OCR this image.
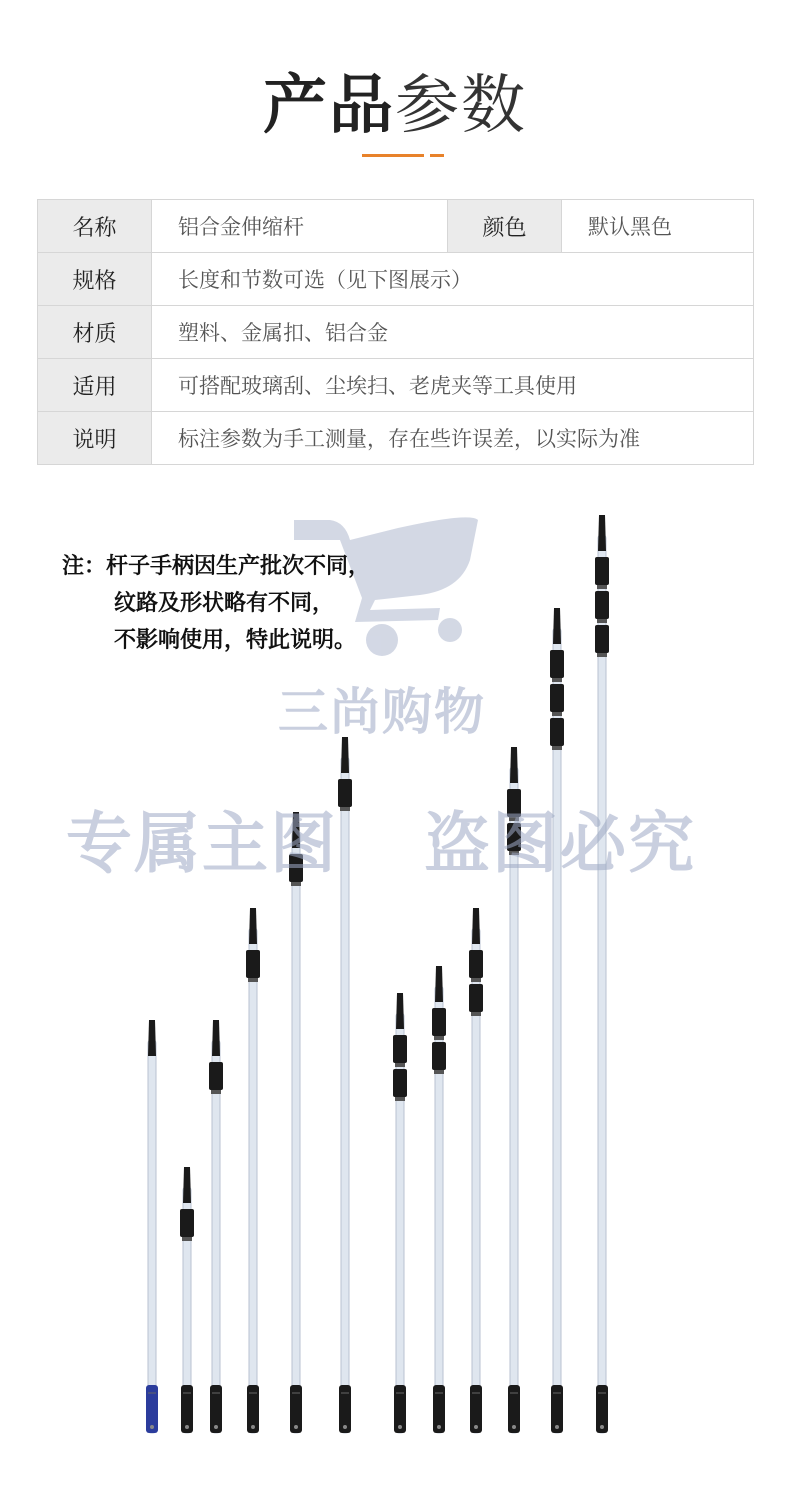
产品参数
名称	铝合金伸缩杆	颜色	默认黑色
规格	长度和节数可选（见下图展示）		
材质	塑料、金属扣、铝合金		
适用	可搭配玻璃刮、尘埃扫、老虎夹等工具使用		
说明	标注参数为手工测量，存在些许误差，以实际为准		
三尚购物
专属主图 盗图必究
注：杆子手柄因生产批次不同，
纹路及形状略有不同，
不影响使用，特此说明。
